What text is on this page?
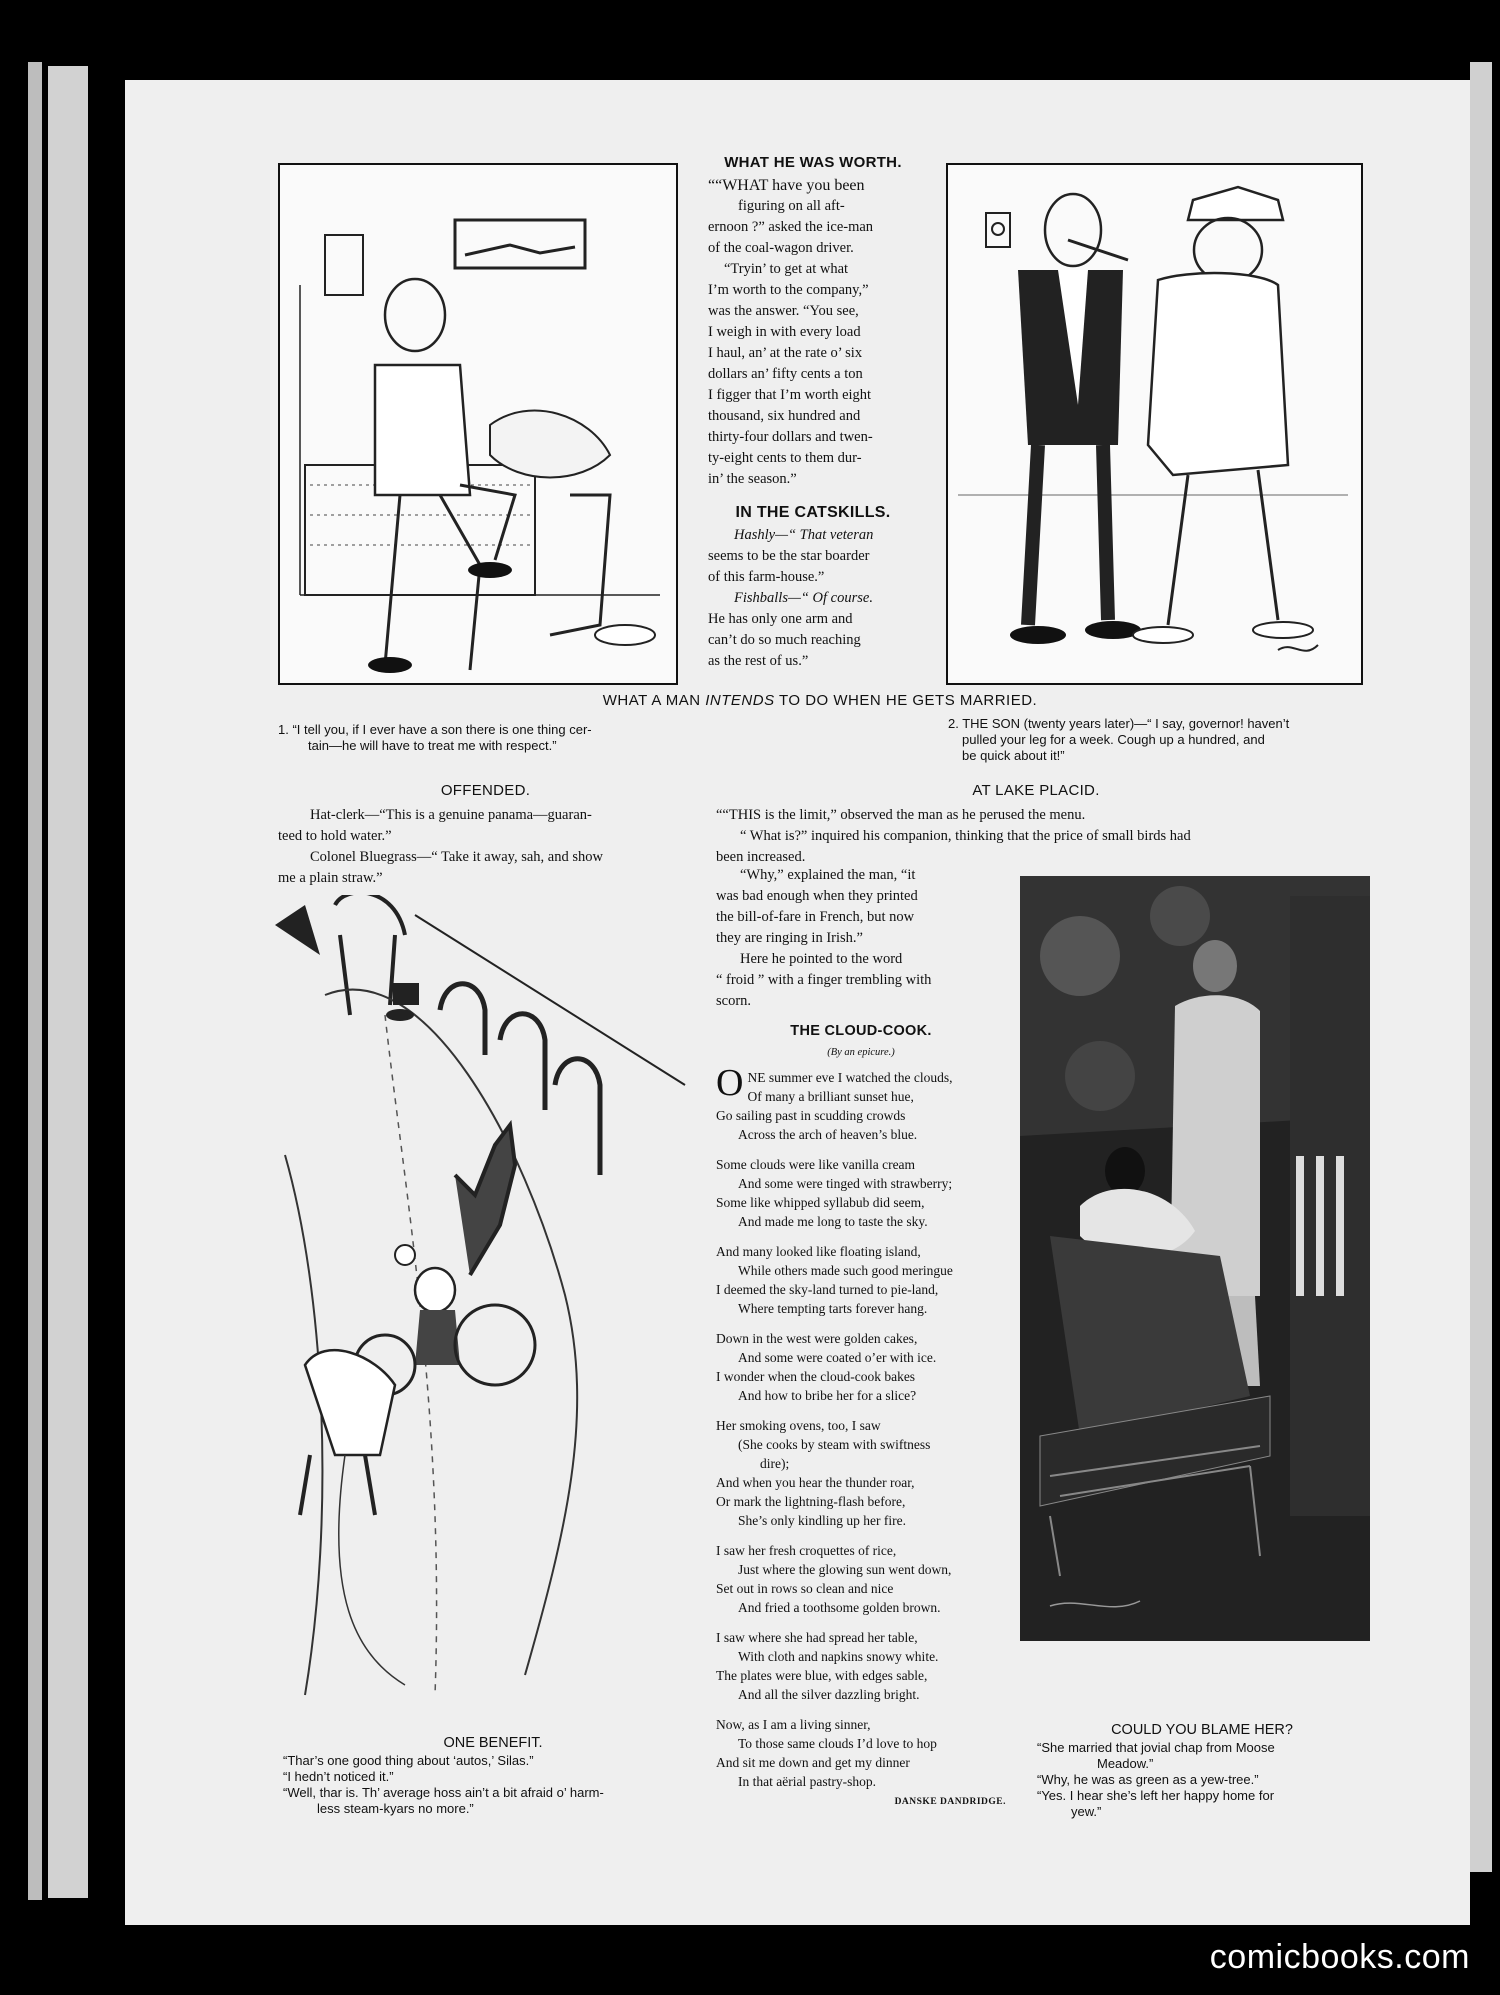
WHAT HE WAS WORTH.

““WHAT have you been

figuring on all aft-

ernoon ?” asked the ice-man

of the coal-wagon driver.

“Tryin’ to get at what

I’m worth to the company,”

was the answer. “You see,

I weigh in with every load

I haul, an’ at the rate o’ six

dollars an’ fifty cents a ton

I figger that I’m worth eight

thousand, six hundred and

thirty-four dollars and twen-

ty-eight cents to them dur-

in’ the season.”

IN THE CATSKILLS.

Hashly—“ That veteran

seems to be the star boarder

of this farm-house.”

Fishballs—“ Of course.

He has only one arm and

can’t do so much reaching

as the rest of us.”

WHAT A MAN INTENDS TO DO WHEN HE GETS MARRIED.
1. “I tell you, if I ever have a son there is one thing cer-
tain—he will have to treat me with respect.”
2. THE SON (twenty years later)—“ I say, governor! haven’t
pulled your leg for a week. Cough up a hundred, and
be quick about it!”
OFFENDED.

Hat-clerk—“This is a genuine panama—guaran-

teed to hold water.”

Colonel Bluegrass—“ Take it away, sah, and show

me a plain straw.”

AT LAKE PLACID.

““THIS is the limit,” observed the man as he perused the menu.

“ What is?” inquired his companion, thinking that the price of small birds had

been increased.

“Why,” explained the man, “it

was bad enough when they printed

the bill-of-fare in French, but now

they are ringing in Irish.”

Here he pointed to the word

“ froid ” with a finger trembling with

scorn.

THE CLOUD-COOK.
(By an epicure.)
O NE summer eve I watched the clouds,
Of many a brilliant sunset hue,
Go sailing past in scudding crowds
Across the arch of heaven’s blue.
Some clouds were like vanilla cream
And some were tinged with strawberry;
Some like whipped syllabub did seem,
And made me long to taste the sky.
And many looked like floating island,
While others made such good meringue
I deemed the sky-land turned to pie-land,
Where tempting tarts forever hang.
Down in the west were golden cakes,
And some were coated o’er with ice.
I wonder when the cloud-cook bakes
And how to bribe her for a slice?
Her smoking ovens, too, I saw
(She cooks by steam with swiftness
dire);
And when you hear the thunder roar,
Or mark the lightning-flash before,
She’s only kindling up her fire.
I saw her fresh croquettes of rice,
Just where the glowing sun went down,
Set out in rows so clean and nice
And fried a toothsome golden brown.
I saw where she had spread her table,
With cloth and napkins snowy white.
The plates were blue, with edges sable,
And all the silver dazzling bright.
Now, as I am a living sinner,
To those same clouds I’d love to hop
And sit me down and get my dinner
In that aërial pastry-shop.
DANSKE DANDRIDGE.
ONE BENEFIT.
“Thar’s one good thing about ‘autos,’ Silas.”
“I hedn’t noticed it.”
“Well, thar is. Th’ average hoss ain’t a bit afraid o’ harm-
less steam-kyars no more.”
COULD YOU BLAME HER?
“She married that jovial chap from Moose
Meadow.”
“Why, he was as green as a yew-tree.”
“Yes. I hear she’s left her happy home for
yew.”
comicbooks.com
